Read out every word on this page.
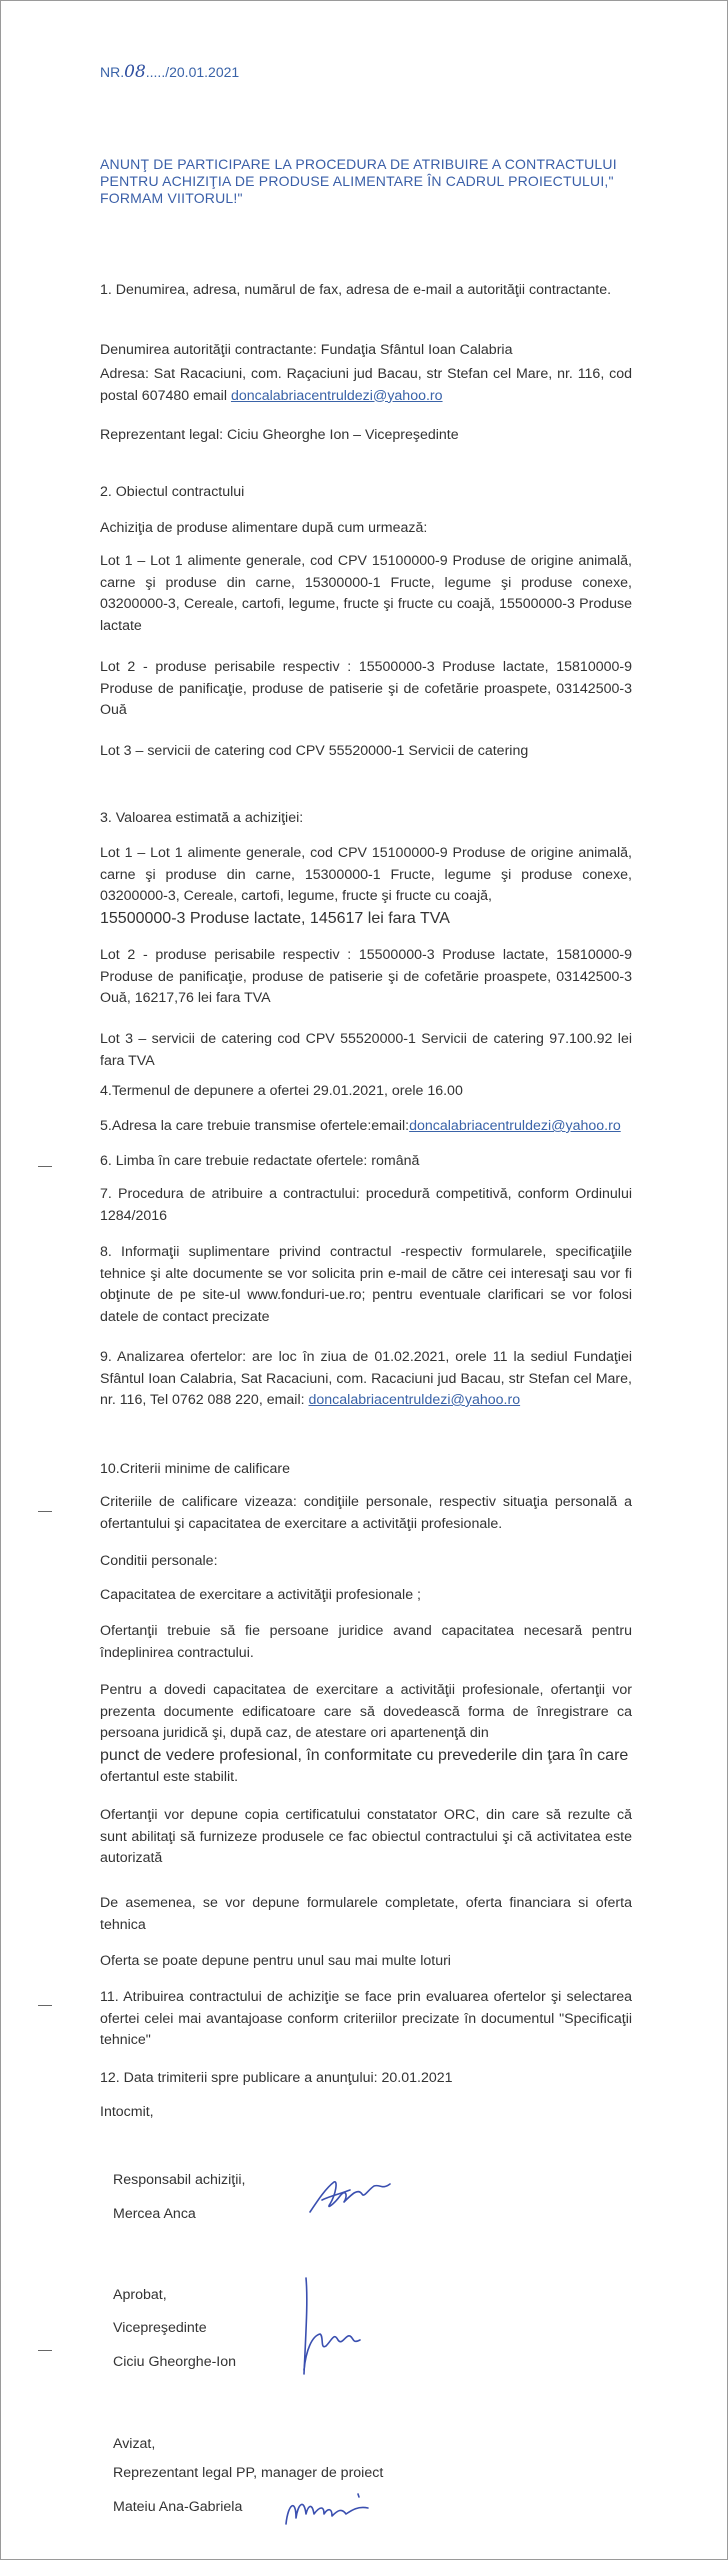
NR.08...../20.01.2021
ANUNŢ DE PARTICIPARE LA PROCEDURA DE ATRIBUIRE A CONTRACTULUI PENTRU ACHIZIŢIA DE PRODUSE ALIMENTARE ÎN CADRUL PROIECTULUI," FORMAM VIITORUL!"
1. Denumirea, adresa, numărul de fax, adresa de e-mail a autorităţii contractante.
Denumirea autorităţii contractante: Fundaţia Sfântul Ioan Calabria
Adresa: Sat Racaciuni, com. Raçaciuni jud Bacau, str Stefan cel Mare, nr. 116, cod postal 607480 email doncalabriacentruldezi@yahoo.ro
Reprezentant legal: Ciciu Gheorghe Ion – Vicepreşedinte
2. Obiectul contractului
Achiziţia de produse alimentare după cum urmează:
Lot 1 – Lot 1 alimente generale, cod CPV 15100000-9 Produse de origine animală, carne şi produse din carne, 15300000-1 Fructe, legume şi produse conexe, 03200000-3, Cereale, cartofi, legume, fructe şi fructe cu coajă, 15500000-3 Produse lactate
Lot 2 - produse perisabile respectiv : 15500000-3 Produse lactate, 15810000-9 Produse de panificaţie, produse de patiserie şi de cofetărie proaspete, 03142500-3 Ouă
Lot 3 – servicii de catering cod CPV 55520000-1 Servicii de catering
3. Valoarea estimată a achiziţiei:
Lot 1 – Lot 1 alimente generale, cod CPV 15100000-9 Produse de origine animală, carne şi produse din carne, 15300000-1 Fructe, legume şi produse conexe, 03200000-3, Cereale, cartofi, legume, fructe şi fructe cu coajă,
15500000-3 Produse lactate, 145617 lei fara TVA
Lot 2 - produse perisabile respectiv : 15500000-3 Produse lactate, 15810000-9 Produse de panificaţie, produse de patiserie şi de cofetărie proaspete, 03142500-3 Ouă, 16217,76 lei fara TVA
Lot 3 – servicii de catering cod CPV 55520000-1 Servicii de catering 97.100.92 lei fara TVA
4.Termenul de depunere a ofertei 29.01.2021, orele 16.00
5.Adresa la care trebuie transmise ofertele:email:doncalabriacentruldezi@yahoo.ro
6. Limba în care trebuie redactate ofertele: română
7. Procedura de atribuire a contractului: procedură competitivă, conform Ordinului 1284/2016
8. Informaţii suplimentare privind contractul -respectiv formularele, specificaţiile tehnice şi alte documente se vor solicita prin e-mail de către cei interesaţi sau vor fi obţinute de pe site-ul www.fonduri-ue.ro; pentru eventuale clarificari se vor folosi datele de contact precizate
9. Analizarea ofertelor: are loc în ziua de 01.02.2021, orele 11 la sediul Fundaţiei Sfântul Ioan Calabria, Sat Racaciuni, com. Racaciuni jud Bacau, str Stefan cel Mare, nr. 116, Tel 0762 088 220, email: doncalabriacentruldezi@yahoo.ro
10.Criterii minime de calificare
Criteriile de calificare vizeaza: condiţiile personale, respectiv situaţia personală a ofertantului şi capacitatea de exercitare a activităţii profesionale.
Conditii personale:
Capacitatea de exercitare a activităţii profesionale ;
Ofertanţii trebuie să fie persoane juridice avand capacitatea necesară pentru îndeplinirea contractului.
Pentru a dovedi capacitatea de exercitare a activităţii profesionale, ofertanţii vor prezenta documente edificatoare care să dovedească forma de înregistrare ca persoana juridică şi, după caz, de atestare ori apartenenţă din
punct de vedere profesional, în conformitate cu prevederile din ţara în care
ofertantul este stabilit.
Ofertanţii vor depune copia certificatului constatator ORC, din care să rezulte că sunt abilitaţi să furnizeze produsele ce fac obiectul contractului şi că activitatea este autorizată
De asemenea, se vor depune formularele completate, oferta financiara si oferta tehnica
Oferta se poate depune pentru unul sau mai multe loturi
11. Atribuirea contractului de achiziţie se face prin evaluarea ofertelor şi selectarea ofertei celei mai avantajoase conform criteriilor precizate în documentul "Specificaţii tehnice"
12. Data trimiterii spre publicare a anunţului: 20.01.2021
Intocmit,
Responsabil achiziţii,
Mercea Anca
Aprobat,
Vicepreşedinte
Ciciu Gheorghe-Ion
Avizat,
Reprezentant legal PP, manager de proiect
Mateiu Ana-Gabriela
